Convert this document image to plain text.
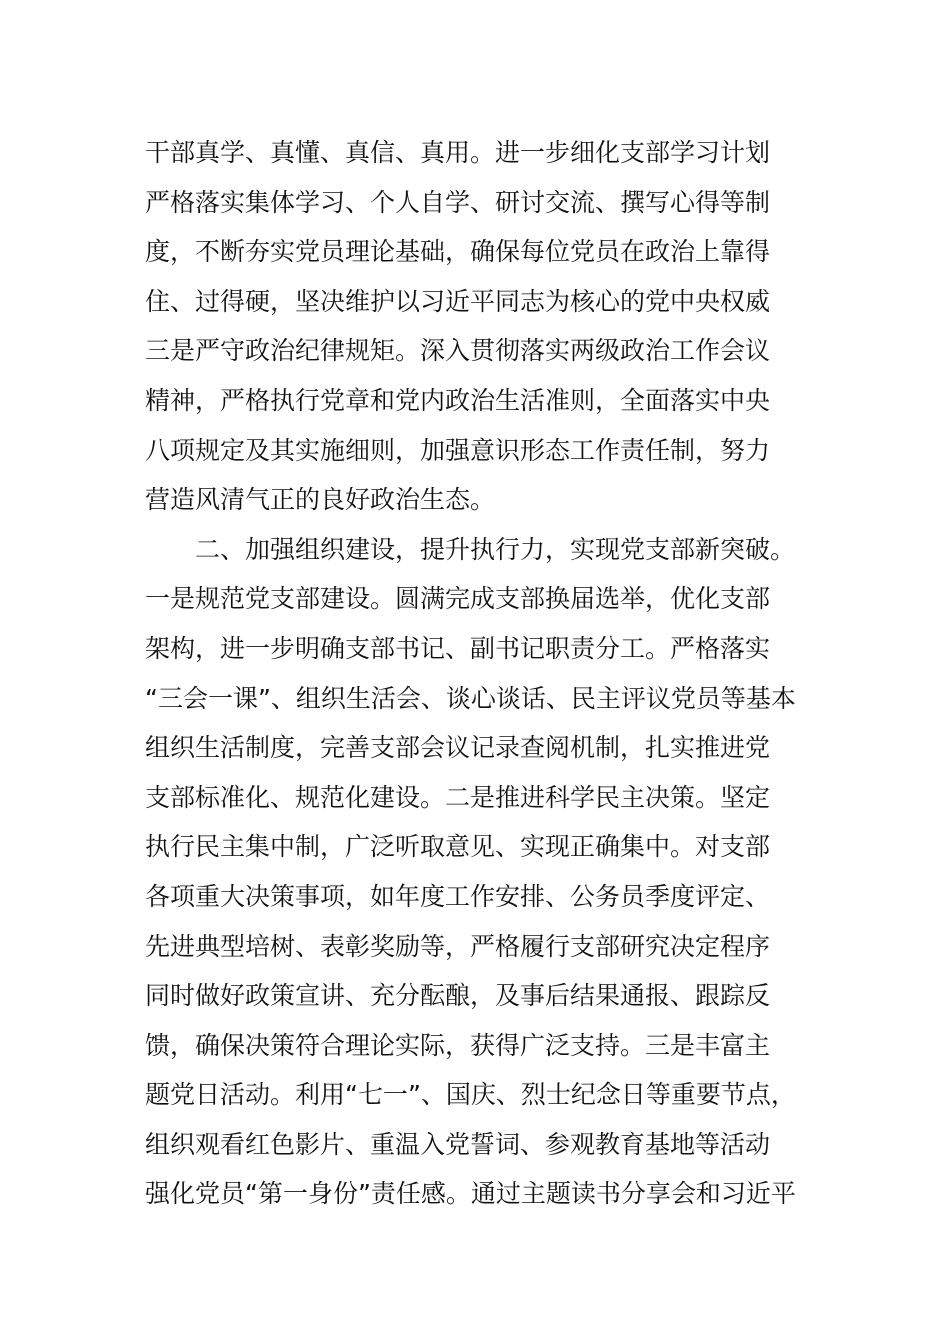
干部真学、真懂、真信、真用。进一步细化支部学习计划
严格落实集体学习、个人自学、研讨交流、撰写心得等制
度，不断夯实党员理论基础，确保每位党员在政治上靠得
住、过得硬，坚决维护以习近平同志为核心的党中央权威
三是严守政治纪律规矩。深入贯彻落实两级政治工作会议
精神，严格执行党章和党内政治生活准则，全面落实中央
八项规定及其实施细则，加强意识形态工作责任制，努力
营造风清气正的良好政治生态。
二、加强组织建设，提升执行力，实现党支部新突破。
一是规范党支部建设。圆满完成支部换届选举，优化支部
架构，进一步明确支部书记、副书记职责分工。严格落实
“三会一课”、组织生活会、谈心谈话、民主评议党员等基本
组织生活制度，完善支部会议记录查阅机制，扎实推进党
支部标准化、规范化建设。二是推进科学民主决策。坚定
执行民主集中制，广泛听取意见、实现正确集中。对支部
各项重大决策事项，如年度工作安排、公务员季度评定、
先进典型培树、表彰奖励等，严格履行支部研究决定程序
同时做好政策宣讲、充分酝酿，及事后结果通报、跟踪反
馈，确保决策符合理论实际，获得广泛支持。三是丰富主
题党日活动。利用“七一”、国庆、烈士纪念日等重要节点，
组织观看红色影片、重温入党誓词、参观教育基地等活动
强化党员“第一身份”责任感。通过主题读书分享会和习近平
